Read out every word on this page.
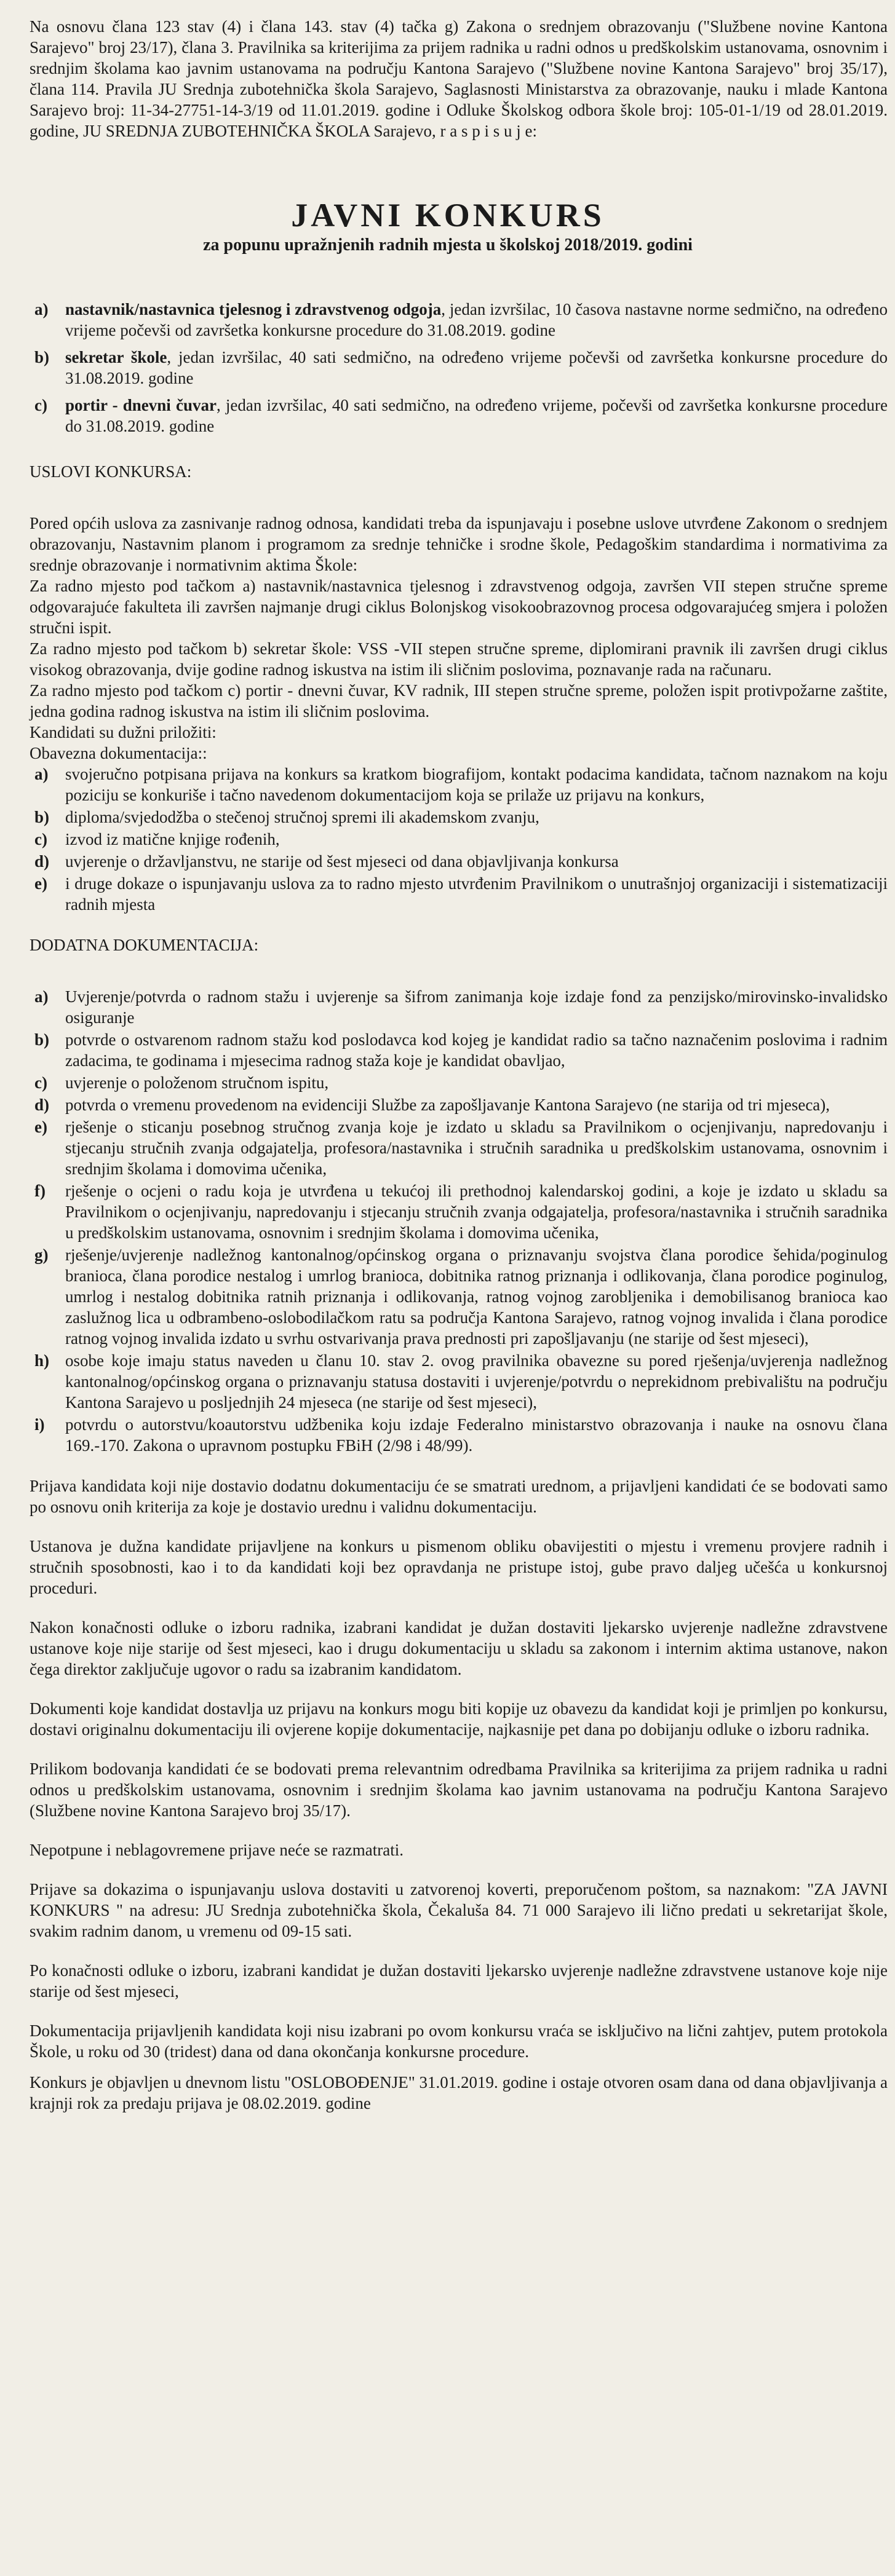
Na osnovu člana 123 stav (4) i člana 143. stav (4) tačka g) Zakona o srednjem obrazovanju ("Službene novine Kantona Sarajevo" broj 23/17), člana 3. Pravilnika sa kriterijima za prijem radnika u radni odnos u predškolskim ustanovama, osnovnim i srednjim školama kao javnim ustanovama na području Kantona Sarajevo ("Službene novine Kantona Sarajevo" broj 35/17), člana 114. Pravila JU Srednja zubotehnička škola Sarajevo, Saglasnosti Ministarstva za obrazovanje, nauku i mlade Kantona Sarajevo broj: 11-34-27751-14-3/19 od 11.01.2019. godine i Odluke Školskog odbora škole broj: 105-01-1/19 od 28.01.2019. godine, JU SREDNJA ZUBOTEHNIČKA ŠKOLA Sarajevo, r a s p i s u j e:

JAVNI KONKURS

za popunu upražnjenih radnih mjesta u školskoj 2018/2019. godini

a) nastavnik/nastavnica tjelesnog i zdravstvenog odgoja, jedan izvršilac, 10 časova nastavne norme sedmično, na određeno vrijeme počevši od završetka konkursne procedure do 31.08.2019. godine
b) sekretar škole, jedan izvršilac, 40 sati sedmično, na određeno vrijeme počevši od završetka konkursne procedure do 31.08.2019. godine
c) portir - dnevni čuvar, jedan izvršilac, 40 sati sedmično, na određeno vrijeme, počevši od završetka konkursne procedure do 31.08.2019. godine

USLOVI KONKURSA:

Pored općih uslova za zasnivanje radnog odnosa, kandidati treba da ispunjavaju i posebne uslove utvrđene Zakonom o srednjem obrazovanju, Nastavnim planom i programom za srednje tehničke i srodne škole, Pedagoškim standardima i normativima za srednje obrazovanje i normativnim aktima Škole:

Za radno mjesto pod tačkom a) nastavnik/nastavnica tjelesnog i zdravstvenog odgoja, završen VII stepen stručne spreme odgovarajuće fakulteta ili završen najmanje drugi ciklus Bolonjskog visokoobrazovnog procesa odgovarajućeg smjera i položen stručni ispit.

Za radno mjesto pod tačkom b) sekretar škole: VSS -VII stepen stručne spreme, diplomirani pravnik ili završen drugi ciklus visokog obrazovanja, dvije godine radnog iskustva na istim ili sličnim poslovima, poznavanje rada na računaru.

Za radno mjesto pod tačkom c) portir - dnevni čuvar, KV radnik, III stepen stručne spreme, položen ispit protivpožarne zaštite, jedna godina radnog iskustva na istim ili sličnim poslovima.

Kandidati su dužni priložiti:

Obavezna dokumentacija::

a) svojeručno potpisana prijava na konkurs sa kratkom biografijom, kontakt podacima kandidata, tačnom naznakom na koju poziciju se konkuriše i tačno navedenom dokumentacijom koja se prilaže uz prijavu na konkurs,
b) diploma/svjedodžba o stečenoj stručnoj spremi ili akademskom zvanju,
c) izvod iz matične knjige rođenih,
d) uvjerenje o državljanstvu, ne starije od šest mjeseci od dana objavljivanja konkursa
e) i druge dokaze o ispunjavanju uslova za to radno mjesto utvrđenim Pravilnikom o unutrašnjoj organizaciji i sistematizaciji radnih mjesta

DODATNA DOKUMENTACIJA:

a) Uvjerenje/potvrda o radnom stažu i uvjerenje sa šifrom zanimanja koje izdaje fond za penzijsko/mirovinsko-invalidsko osiguranje
b) potvrde o ostvarenom radnom stažu kod poslodavca kod kojeg je kandidat radio sa tačno naznačenim poslovima i radnim zadacima, te godinama i mjesecima radnog staža koje je kandidat obavljao,
c) uvjerenje o položenom stručnom ispitu,
d) potvrda o vremenu provedenom na evidenciji Službe za zapošljavanje Kantona Sarajevo (ne starija od tri mjeseca),
e) rješenje o sticanju posebnog stručnog zvanja koje je izdato u skladu sa Pravilnikom o ocjenjivanju, napredovanju i stjecanju stručnih zvanja odgajatelja, profesora/nastavnika i stručnih saradnika u predškolskim ustanovama, osnovnim i srednjim školama i domovima učenika,
f) rješenje o ocjeni o radu koja je utvrđena u tekućoj ili prethodnoj kalendarskoj godini, a koje je izdato u skladu sa Pravilnikom o ocjenjivanju, napredovanju i stjecanju stručnih zvanja odgajatelja, profesora/nastavnika i stručnih saradnika u predškolskim ustanovama, osnovnim i srednjim školama i domovima učenika,
g) rješenje/uvjerenje nadležnog kantonalnog/općinskog organa o priznavanju svojstva člana porodice šehida/poginulog branioca, člana porodice nestalog i umrlog branioca, dobitnika ratnog priznanja i odlikovanja, člana porodice poginulog, umrlog i nestalog dobitnika ratnih priznanja i odlikovanja, ratnog vojnog zarobljenika i demobilisanog branioca kao zaslužnog lica u odbrambeno-oslobodilačkom ratu sa područja Kantona Sarajevo, ratnog vojnog invalida i člana porodice ratnog vojnog invalida izdato u svrhu ostvarivanja prava prednosti pri zapošljavanju (ne starije od šest mjeseci),
h) osobe koje imaju status naveden u članu 10. stav 2. ovog pravilnika obavezne su pored rješenja/uvjerenja nadležnog kantonalnog/općinskog organa o priznavanju statusa dostaviti i uvjerenje/potvrdu o neprekidnom prebivalištu na području Kantona Sarajevo u posljednjih 24 mjeseca (ne starije od šest mjeseci),
i) potvrdu o autorstvu/koautorstvu udžbenika koju izdaje Federalno ministarstvo obrazovanja i nauke na osnovu člana 169.-170. Zakona o upravnom postupku FBiH (2/98 i 48/99).

Prijava kandidata koji nije dostavio dodatnu dokumentaciju će se smatrati urednom, a prijavljeni kandidati će se bodovati samo po osnovu onih kriterija za koje je dostavio urednu i validnu dokumentaciju.

Ustanova je dužna kandidate prijavljene na konkurs u pismenom obliku obavijestiti o mjestu i vremenu provjere radnih i stručnih sposobnosti, kao i to da kandidati koji bez opravdanja ne pristupe istoj, gube pravo daljeg učešća u konkursnoj proceduri.

Nakon konačnosti odluke o izboru radnika, izabrani kandidat je dužan dostaviti ljekarsko uvjerenje nadležne zdravstvene ustanove koje nije starije od šest mjeseci, kao i drugu dokumentaciju u skladu sa zakonom i internim aktima ustanove, nakon čega direktor zaključuje ugovor o radu sa izabranim kandidatom.

Dokumenti koje kandidat dostavlja uz prijavu na konkurs mogu biti kopije uz obavezu da kandidat koji je primljen po konkursu, dostavi originalnu dokumentaciju ili ovjerene kopije dokumentacije, najkasnije pet dana po dobijanju odluke o izboru radnika.

Prilikom bodovanja kandidati će se bodovati prema relevantnim odredbama Pravilnika sa kriterijima za prijem radnika u radni odnos u predškolskim ustanovama, osnovnim i srednjim školama kao javnim ustanovama na području Kantona Sarajevo (Službene novine Kantona Sarajevo broj 35/17).

Nepotpune i neblagovremene prijave neće se razmatrati.

Prijave sa dokazima o ispunjavanju uslova dostaviti u zatvorenoj koverti, preporučenom poštom, sa naznakom: "ZA JAVNI KONKURS " na adresu: JU Srednja zubotehnička škola, Čekaluša 84. 71 000 Sarajevo ili lično predati u sekretarijat škole, svakim radnim danom, u vremenu od 09-15 sati.

Po konačnosti odluke o izboru, izabrani kandidat je dužan dostaviti ljekarsko uvjerenje nadležne zdravstvene ustanove koje nije starije od šest mjeseci,

Dokumentacija prijavljenih kandidata koji nisu izabrani po ovom konkursu vraća se isključivo na lični zahtjev, putem protokola Škole, u roku od 30 (tridest) dana od dana okončanja konkursne procedure.

Konkurs je objavljen u dnevnom listu "OSLOBOĐENJE" 31.01.2019. godine i ostaje otvoren osam dana od dana objavljivanja a krajnji rok za predaju prijava je 08.02.2019. godine
